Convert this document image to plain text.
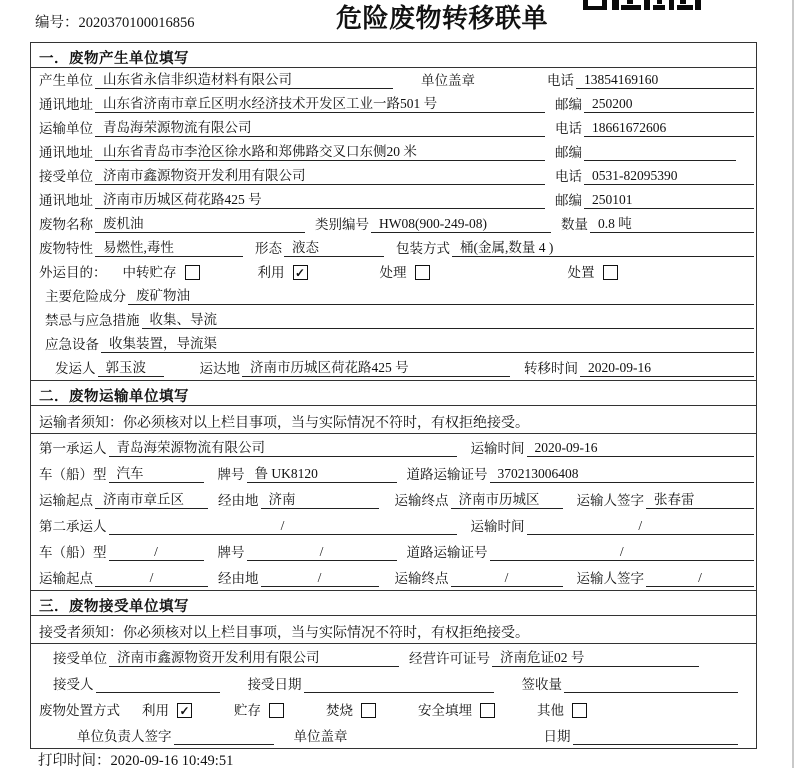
编号：2020370100016856	危险废物转移联单
一．废物产生单位填写
产生单位 山东省永信非织造材料有限公司	单位盖章	电话 13854169160
通讯地址 山东省济南市章丘区明水经济技术开发区工业一路501 号	邮编 250200
运输单位 青岛海荣源物流有限公司	电话 18661672606
通讯地址 山东省青岛市李沧区徐水路和郑佛路交叉口东侧20 米	邮编
接受单位 济南市鑫源物资开发利用有限公司	电话 0531-82095390
通讯地址 济南市历城区荷花路425 号	邮编 250101
废物名称 废机油	类别编号 HW08(900-249-08)	数量 0.8 吨
废物特性 易燃性,毒性	形态 液态	包装方式 桶(金属,数量 4 )
外运目的： 中转贮存	利用 ✓	处理	处置
主要危险成分 废矿物油
禁忌与应急措施 收集、导流
应急设备 收集装置，导流渠
发运人 郭玉波	运达地 济南市历城区荷花路425 号	转移时间 2020-09-16
二．废物运输单位填写
运输者须知：你必须核对以上栏目事项，当与实际情况不符时，有权拒绝接受。
第一承运人 青岛海荣源物流有限公司	运输时间 2020-09-16
车（船）型 汽车	牌号 鲁 UK8120	道路运输证号 370213006408
运输起点 济南市章丘区	经由地 济南	运输终点 济南市历城区	运输人签字 张春雷
第二承运人	/	运输时间	/
车（船）型	/	牌号	/	道路运输证号	/
运输起点	/	经由地	/	运输终点	/	运输人签字	/
三．废物接受单位填写
接受者须知：你必须核对以上栏目事项，当与实际情况不符时，有权拒绝接受。
接受单位 济南市鑫源物资开发利用有限公司	经营许可证号 济南危证02 号
接受人	接受日期	签收量
废物处置方式 利用 ✓	贮存	焚烧	安全填埋	其他
单位负责人签字	单位盖章	日期
打印时间：2020-09-16 10:49:51
